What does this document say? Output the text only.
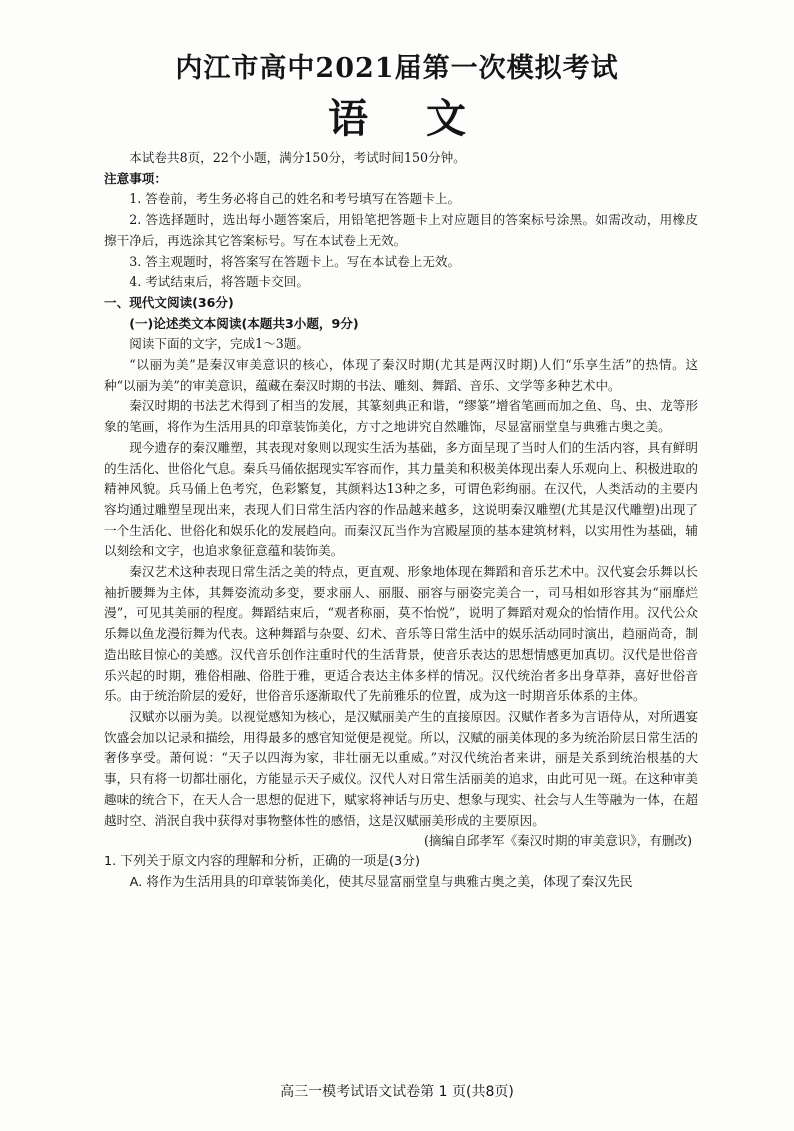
内江市高中2021届第一次模拟考试
语文

本试卷共8页，22个小题，满分150分，考试时间150分钟。

注意事项：

1. 答卷前，考生务必将自己的姓名和考号填写在答题卡上。

2. 答选择题时，选出每小题答案后，用铅笔把答题卡上对应题目的答案标号涂黑。如需改动，用橡皮擦干净后，再选涂其它答案标号。写在本试卷上无效。

3. 答主观题时，将答案写在答题卡上。写在本试卷上无效。

4. 考试结束后，将答题卡交回。

一、现代文阅读(36分)

(一)论述类文本阅读(本题共3小题，9分)

阅读下面的文字，完成1～3题。

“以丽为美”是秦汉审美意识的核心，体现了秦汉时期(尤其是两汉时期)人们“乐享生活”的热情。这种“以丽为美”的审美意识，蕴藏在秦汉时期的书法、雕刻、舞蹈、音乐、文学等多种艺术中。

秦汉时期的书法艺术得到了相当的发展，其篆刻典正和谐，“缪篆”增省笔画而加之鱼、鸟、虫、龙等形象的笔画，将作为生活用具的印章装饰美化，方寸之地讲究自然雕饰，尽显富丽堂皇与典雅古奥之美。

现今遗存的秦汉雕塑，其表现对象则以现实生活为基础，多方面呈现了当时人们的生活内容，具有鲜明的生活化、世俗化气息。秦兵马俑依据现实军容而作，其力量美和积极美体现出秦人乐观向上、积极进取的精神风貌。兵马俑上色考究，色彩繁复，其颜料达13种之多，可谓色彩绚丽。在汉代，人类活动的主要内容均通过雕塑呈现出来，表现人们日常生活内容的作品越来越多，这说明秦汉雕塑(尤其是汉代雕塑)出现了一个生活化、世俗化和娱乐化的发展趋向。而秦汉瓦当作为宫殿屋顶的基本建筑材料，以实用性为基础，辅以刻绘和文字，也追求象征意蕴和装饰美。

秦汉艺术这种表现日常生活之美的特点，更直观、形象地体现在舞蹈和音乐艺术中。汉代宴会乐舞以长袖折腰舞为主体，其舞姿流动多变，要求丽人、丽服、丽容与丽姿完美合一，司马相如形容其为“丽靡烂漫”，可见其美丽的程度。舞蹈结束后，“观者称丽，莫不怡悦”，说明了舞蹈对观众的怡情作用。汉代公众乐舞以鱼龙漫衍舞为代表。这种舞蹈与杂耍、幻术、音乐等日常生活中的娱乐活动同时演出，趋丽尚奇，制造出眩目惊心的美感。汉代音乐创作注重时代的生活背景，使音乐表达的思想情感更加真切。汉代是世俗音乐兴起的时期，雅俗相融、俗胜于雅，更适合表达主体多样的情况。汉代统治者多出身草莽，喜好世俗音乐。由于统治阶层的爱好，世俗音乐逐渐取代了先前雅乐的位置，成为这一时期音乐体系的主体。

汉赋亦以丽为美。以视觉感知为核心，是汉赋丽美产生的直接原因。汉赋作者多为言语侍从，对所遇宴饮盛会加以记录和描绘，用得最多的感官知觉便是视觉。所以，汉赋的丽美体现的多为统治阶层日常生活的奢侈享受。萧何说：“天子以四海为家，非壮丽无以重威。”对汉代统治者来讲，丽是关系到统治根基的大事，只有将一切都壮丽化，方能显示天子威仪。汉代人对日常生活丽美的追求，由此可见一斑。在这种审美趣味的统合下，在天人合一思想的促进下，赋家将神话与历史、想象与现实、社会与人生等融为一体，在超越时空、消泯自我中获得对事物整体性的感悟，这是汉赋丽美形成的主要原因。

(摘编自邱孝军《秦汉时期的审美意识》，有删改)

1. 下列关于原文内容的理解和分析，正确的一项是(3分)

A. 将作为生活用具的印章装饰美化，使其尽显富丽堂皇与典雅古奥之美，体现了秦汉先民

高三一模考试语文试卷第 1 页(共8页)
